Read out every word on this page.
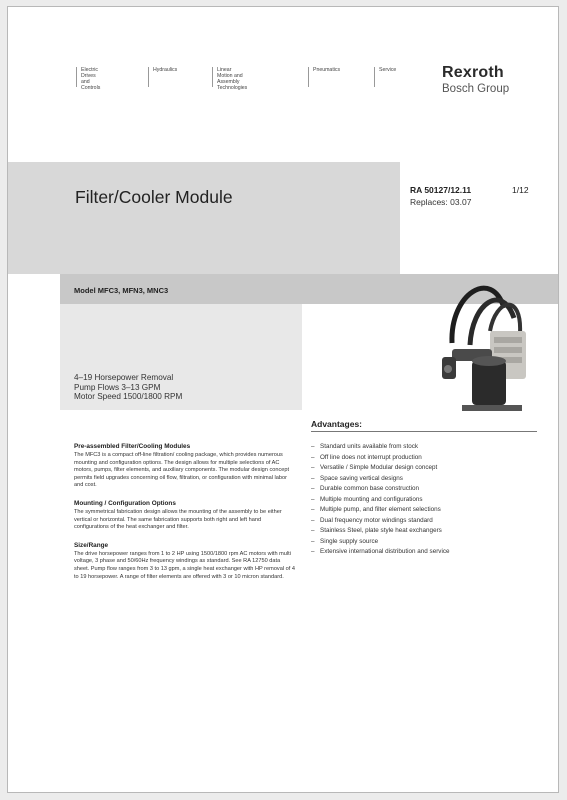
Electric Drives
and Controls
Hydraulics	Linear Motion and
Assembly Technologies
Pneumatics	Service	Rexroth
Bosch Group
Filter/Cooler Module	RA 50127/12.11	1/12
Replaces: 03.07
Model MFC3, MFN3, MNC3
4–19 Horsepower Removal
Pump Flows 3–13 GPM
Motor Speed 1500/1800 RPM
Pre-assembled Filter/Cooling Modules
The MFC3 is a compact off-line filtration/ cooling package, which provides numerous mounting and configuration options. The design allows for multiple selections of AC motors, pumps, filter elements, and auxiliary components. The modular design concept permits field upgrades concerning oil flow, filtration, or configuration with minimal labor and cost.
Mounting / Configuration Options
The symmetrical fabrication design allows the mounting of the assembly to be either vertical or horizontal. The same fabrication supports both right and left hand configurations of the heat exchanger and filter.
Size/Range
The drive horsepower ranges from 1 to 2 HP using 1500/1800 rpm AC motors with multi voltage, 3 phase and 50/60Hz frequency windings as standard. See RA 12750 data sheet. Pump flow ranges from 3 to 13 gpm, a single heat exchanger with HP removal of 4 to 19 horsepower. A range of filter elements are offered with 3 or 10 micron standard.
Advantages:
– Standard units available from stock
– Off line does not interrupt production
– Versatile / Simple Modular design concept
– Space saving vertical designs
– Durable common base construction
– Multiple mounting and configurations
– Multiple pump, and filter element selections
– Dual frequency motor windings standard
– Stainless Steel, plate style heat exchangers
– Single supply source
– Extensive international distribution and service
